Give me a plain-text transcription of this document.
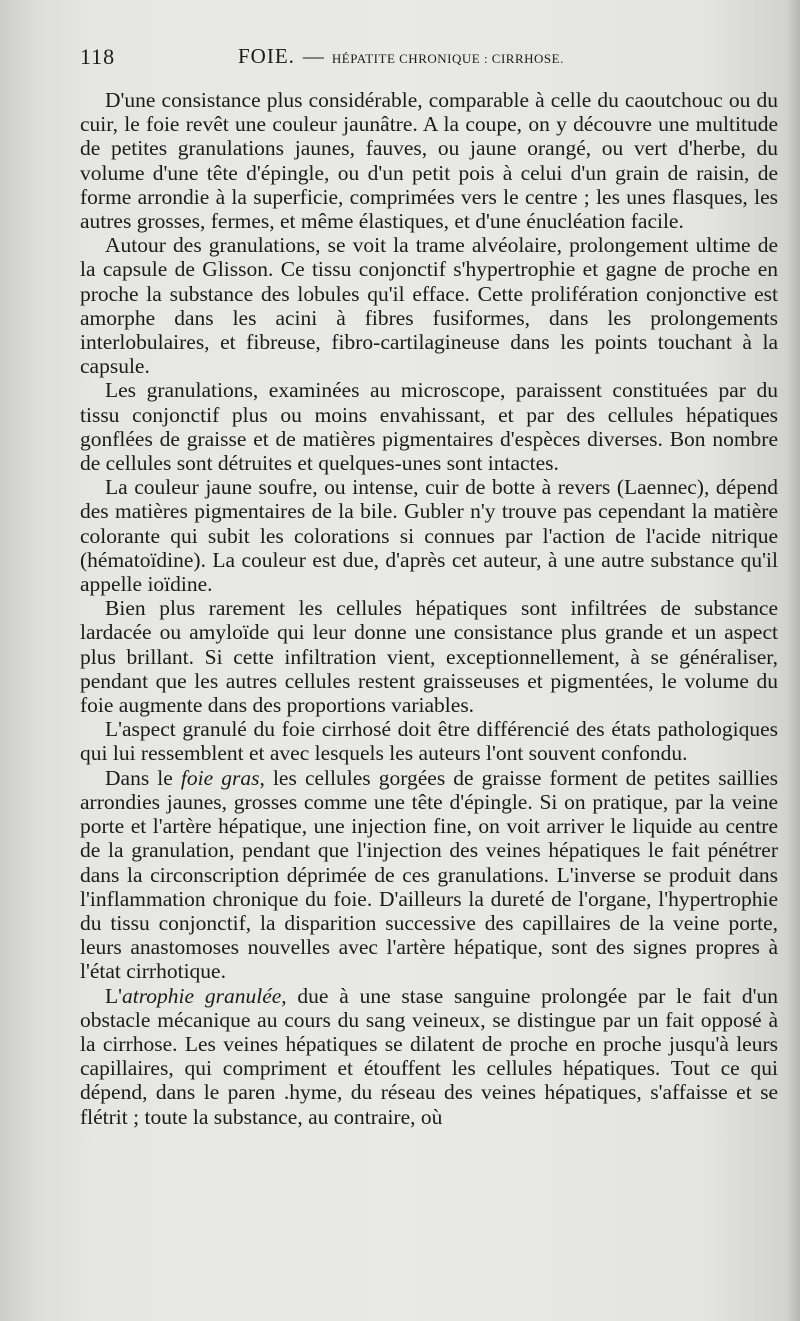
118	FOIE. — HÉPATITE CHRONIQUE : CIRRHOSE.

D'une consistance plus considérable, comparable à celle du caoutchouc ou du cuir, le foie revêt une couleur jaunâtre. A la coupe, on y découvre une multitude de petites granulations jaunes, fauves, ou jaune orangé, ou vert d'herbe, du volume d'une tête d'épingle, ou d'un petit pois à celui d'un grain de raisin, de forme arrondie à la superficie, comprimées vers le centre ; les unes flasques, les autres grosses, fermes, et même élastiques, et d'une énucléation facile.

Autour des granulations, se voit la trame alvéolaire, prolongement ultime de la capsule de Glisson. Ce tissu conjonctif s'hypertrophie et gagne de proche en proche la substance des lobules qu'il efface. Cette prolifération conjonctive est amorphe dans les acini à fibres fusiformes, dans les prolongements interlobulaires, et fibreuse, fibro-cartilagineuse dans les points touchant à la capsule.

Les granulations, examinées au microscope, paraissent constituées par du tissu conjonctif plus ou moins envahissant, et par des cellules hépatiques gonflées de graisse et de matières pigmentaires d'espèces diverses. Bon nombre de cellules sont détruites et quelques-unes sont intactes.

La couleur jaune soufre, ou intense, cuir de botte à revers (Laennec), dépend des matières pigmentaires de la bile. Gubler n'y trouve pas cependant la matière colorante qui subit les colorations si connues par l'action de l'acide nitrique (hématoïdine). La couleur est due, d'après cet auteur, à une autre substance qu'il appelle ioïdine.

Bien plus rarement les cellules hépatiques sont infiltrées de substance lardacée ou amyloïde qui leur donne une consistance plus grande et un aspect plus brillant. Si cette infiltration vient, exceptionnellement, à se généraliser, pendant que les autres cellules restent graisseuses et pigmentées, le volume du foie augmente dans des proportions variables.

L'aspect granulé du foie cirrhosé doit être différencié des états pathologiques qui lui ressemblent et avec lesquels les auteurs l'ont souvent confondu.

Dans le foie gras, les cellules gorgées de graisse forment de petites saillies arrondies jaunes, grosses comme une tête d'épingle. Si on pratique, par la veine porte et l'artère hépatique, une injection fine, on voit arriver le liquide au centre de la granulation, pendant que l'injection des veines hépatiques le fait pénétrer dans la circonscription déprimée de ces granulations. L'inverse se produit dans l'inflammation chronique du foie. D'ailleurs la dureté de l'organe, l'hypertrophie du tissu conjonctif, la disparition successive des capillaires de la veine porte, leurs anastomoses nouvelles avec l'artère hépatique, sont des signes propres à l'état cirrhotique.

L'atrophie granulée, due à une stase sanguine prolongée par le fait d'un obstacle mécanique au cours du sang veineux, se distingue par un fait opposé à la cirrhose. Les veines hépatiques se dilatent de proche en proche jusqu'à leurs capillaires, qui compriment et étouffent les cellules hépatiques. Tout ce qui dépend, dans le paren .hyme, du réseau des veines hépatiques, s'affaisse et se flétrit ; toute la substance, au contraire, où
